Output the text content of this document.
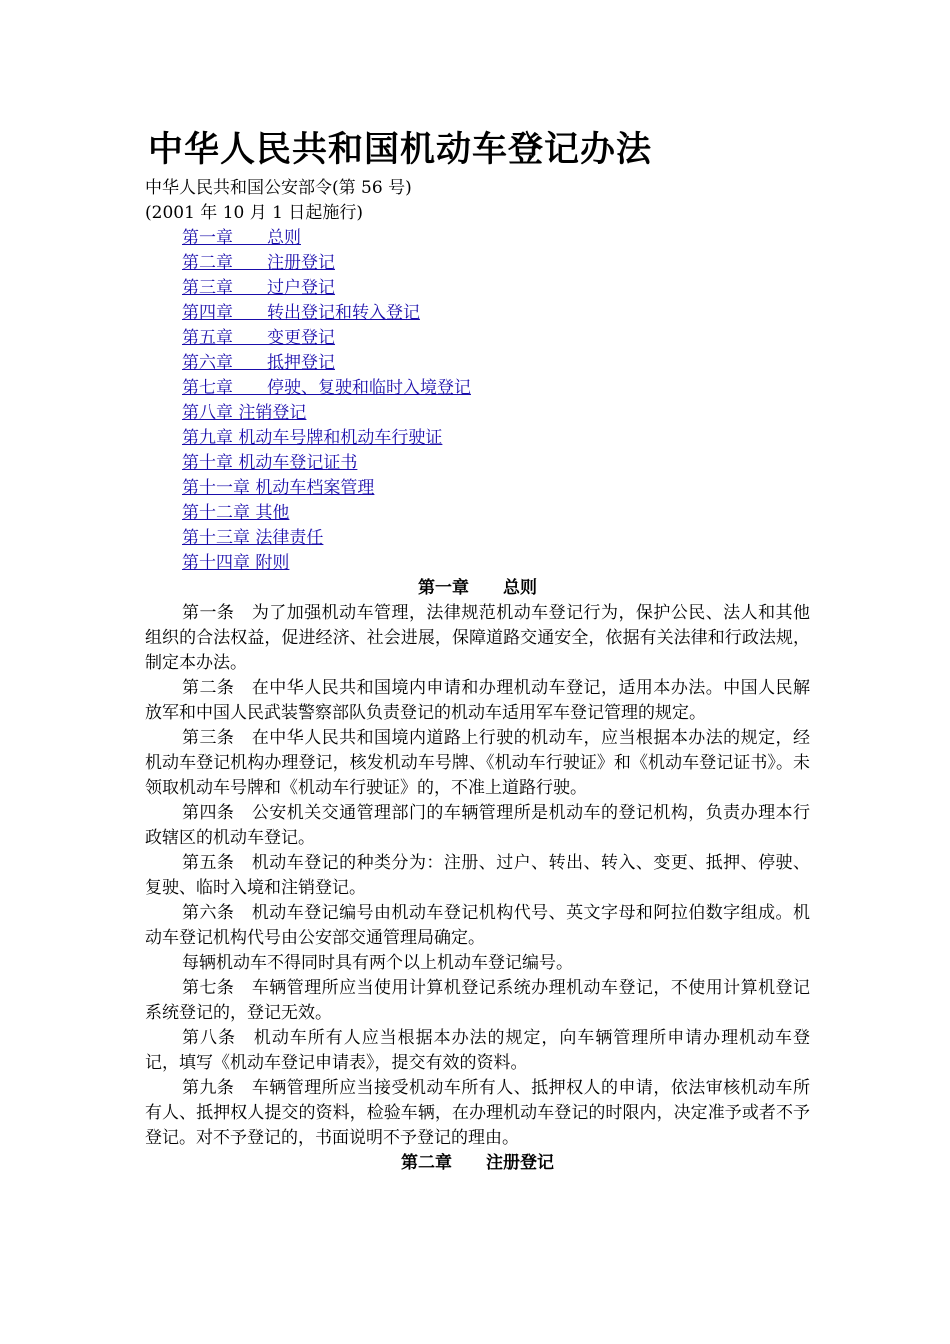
中华人民共和国机动车登记办法

中华人民共和国公安部令(第 56 号)

(2001 年 10 月 1 日起施行)

第一章　　总则
第二章　　注册登记
第三章　　过户登记
第四章　　转出登记和转入登记
第五章　　变更登记
第六章　　抵押登记
第七章　　停驶、复驶和临时入境登记
第八章 注销登记
第九章 机动车号牌和机动车行驶证
第十章 机动车登记证书
第十一章 机动车档案管理
第十二章 其他
第十三章 法律责任
第十四章 附则
第一章　　总则

第一条　为了加强机动车管理，法律规范机动车登记行为，保护公民、法人和其他组织的合法权益，促进经济、社会进展，保障道路交通安全，依据有关法律和行政法规，制定本办法。

第二条　在中华人民共和国境内申请和办理机动车登记，适用本办法。中国人民解放军和中国人民武装警察部队负责登记的机动车适用军车登记管理的规定。

第三条　在中华人民共和国境内道路上行驶的机动车，应当根据本办法的规定，经机动车登记机构办理登记，核发机动车号牌、《机动车行驶证》和《机动车登记证书》。未领取机动车号牌和《机动车行驶证》的，不准上道路行驶。

第四条　公安机关交通管理部门的车辆管理所是机动车的登记机构，负责办理本行政辖区的机动车登记。

第五条　机动车登记的种类分为：注册、过户、转出、转入、变更、抵押、停驶、复驶、临时入境和注销登记。

第六条　机动车登记编号由机动车登记机构代号、英文字母和阿拉伯数字组成。机动车登记机构代号由公安部交通管理局确定。

每辆机动车不得同时具有两个以上机动车登记编号。

第七条　车辆管理所应当使用计算机登记系统办理机动车登记，不使用计算机登记系统登记的，登记无效。

第八条　机动车所有人应当根据本办法的规定，向车辆管理所申请办理机动车登记，填写《机动车登记申请表》，提交有效的资料。

第九条　车辆管理所应当接受机动车所有人、抵押权人的申请，依法审核机动车所有人、抵押权人提交的资料，检验车辆，在办理机动车登记的时限内，决定准予或者不予登记。对不予登记的，书面说明不予登记的理由。

第二章　　注册登记
